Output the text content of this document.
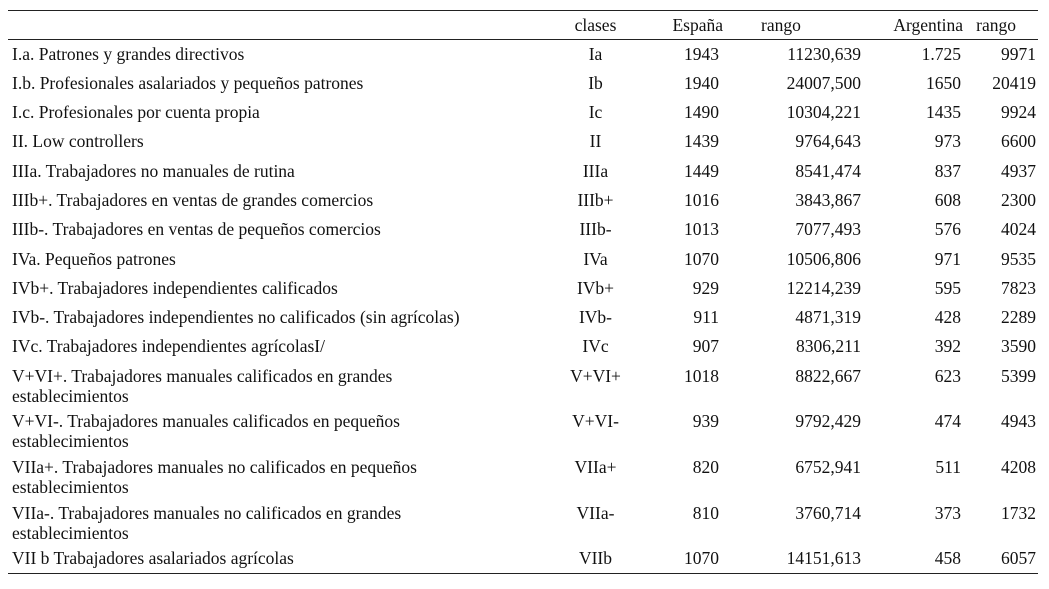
	clases	España	rango	Argentina	rango
I.a. Patrones y grandes directivos	Ia	1943	11230,639	1.725	9971
I.b. Profesionales asalariados y pequeños patrones	Ib	1940	24007,500	1650	20419
I.c. Profesionales por cuenta propia	Ic	1490	10304,221	1435	9924
II. Low controllers	II	1439	9764,643	973	6600
IIIa. Trabajadores no manuales de rutina	IIIa	1449	8541,474	837	4937
IIIb+. Trabajadores en ventas de grandes comercios	IIIb+	1016	3843,867	608	2300
IIIb-. Trabajadores en ventas de pequeños comercios	IIIb-	1013	7077,493	576	4024
IVa. Pequeños patrones	IVa	1070	10506,806	971	9535
IVb+. Trabajadores independientes calificados	IVb+	929	12214,239	595	7823
IVb-. Trabajadores independientes no calificados (sin agrícolas)	IVb-	911	4871,319	428	2289
IVc. Trabajadores independientes agrícolasI/	IVc	907	8306,211	392	3590

V+VI+. Trabajadores manuales calificados en grandes
establecimientos	V+VI+	1018	8822,667	623	5399

V+VI-. Trabajadores manuales calificados en pequeños
establecimientos	V+VI-	939	9792,429	474	4943

VIIa+. Trabajadores manuales no calificados en pequeños
establecimientos	VIIa+	820	6752,941	511	4208

VIIa-. Trabajadores manuales no calificados en grandes
establecimientos	VIIa-	810	3760,714	373	1732
VII b Trabajadores asalariados agrícolas	VIIb	1070	14151,613	458	6057
